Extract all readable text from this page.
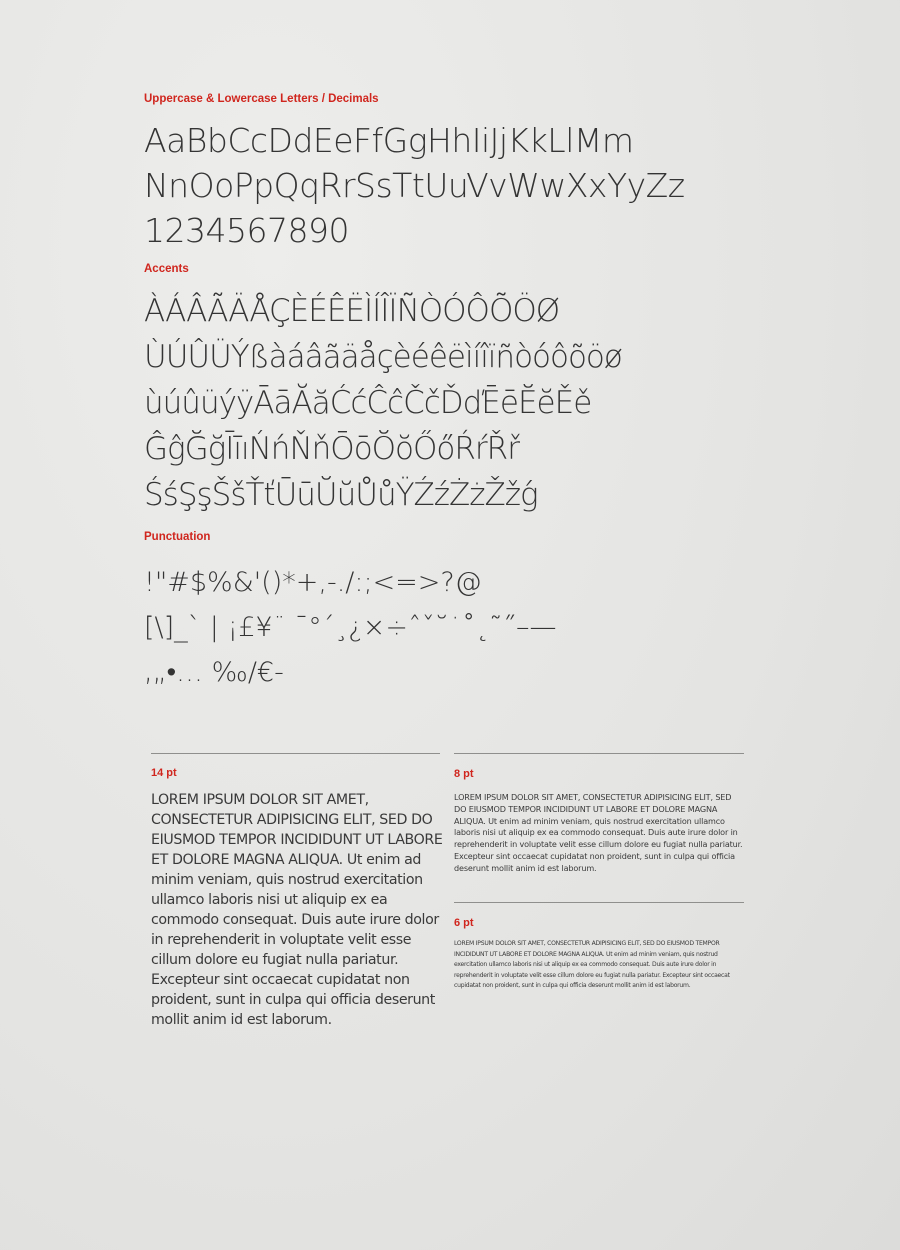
Uppercase & Lowercase Letters / Decimals
AaBbCcDdEeFfGgHhIiJjKkLlMm
NnOoPpQqRrSsTtUuVvWwXxYyZz
1234567890
Accents
ÀÁÂÃÄÅÇÈÉÊËÌÍÎÏÑÒÓÔÕÖØ
ÙÚÛÜÝßàáâãäåçèéêëìíîïñòóôõöø
ùúûüýÿĀāĂăĆćĈĉČčĎďĒēĔĕĚě
ĜĝĞğĪīıŃńŇňŌōŎŏŐőŔŕŘř
ŚśŞşŠšŤťŪūŬŭŮůŸŹźŻżŽžǵ
Punctuation
!"#$%&'()*+,-./:;<=>?@
[\]_` | ¡£¥¨ ¯°´¸¿×÷ˆˇ˘˙˚˛˜˝–—
‚„•… ‰/€‐
14 pt

LOREM IPSUM DOLOR SIT AMET, CONSECTETUR ADIPISICING ELIT, SED DO EIUSMOD TEMPOR INCIDIDUNT UT LABORE ET DOLORE MAGNA ALIQUA. Ut enim ad minim veniam, quis nostrud exercitation ullamco laboris nisi ut aliquip ex ea commodo consequat. Duis aute irure dolor in reprehenderit in voluptate velit esse cillum dolore eu fugiat nulla pariatur. Excepteur sint occaecat cupidatat non proident, sunt in culpa qui officia deserunt mollit anim id est laborum.

8 pt

LOREM IPSUM DOLOR SIT AMET, CONSECTETUR ADIPISICING ELIT, SED DO EIUSMOD TEMPOR INCIDIDUNT UT LABORE ET DOLORE MAGNA ALIQUA. Ut enim ad minim veniam, quis nostrud exercitation ullamco laboris nisi ut aliquip ex ea commodo consequat. Duis aute irure dolor in reprehenderit in voluptate velit esse cillum dolore eu fugiat nulla pariatur. Excepteur sint occaecat cupidatat non proident, sunt in culpa qui officia deserunt mollit anim id est laborum.

6 pt

LOREM IPSUM DOLOR SIT AMET, CONSECTETUR ADIPISICING ELIT, SED DO EIUSMOD TEMPOR INCIDIDUNT UT LABORE ET DOLORE MAGNA ALIQUA. Ut enim ad minim veniam, quis nostrud exercitation ullamco laboris nisi ut aliquip ex ea commodo consequat. Duis aute irure dolor in reprehenderit in voluptate velit esse cillum dolore eu fugiat nulla pariatur. Excepteur sint occaecat cupidatat non proident, sunt in culpa qui officia deserunt mollit anim id est laborum.
